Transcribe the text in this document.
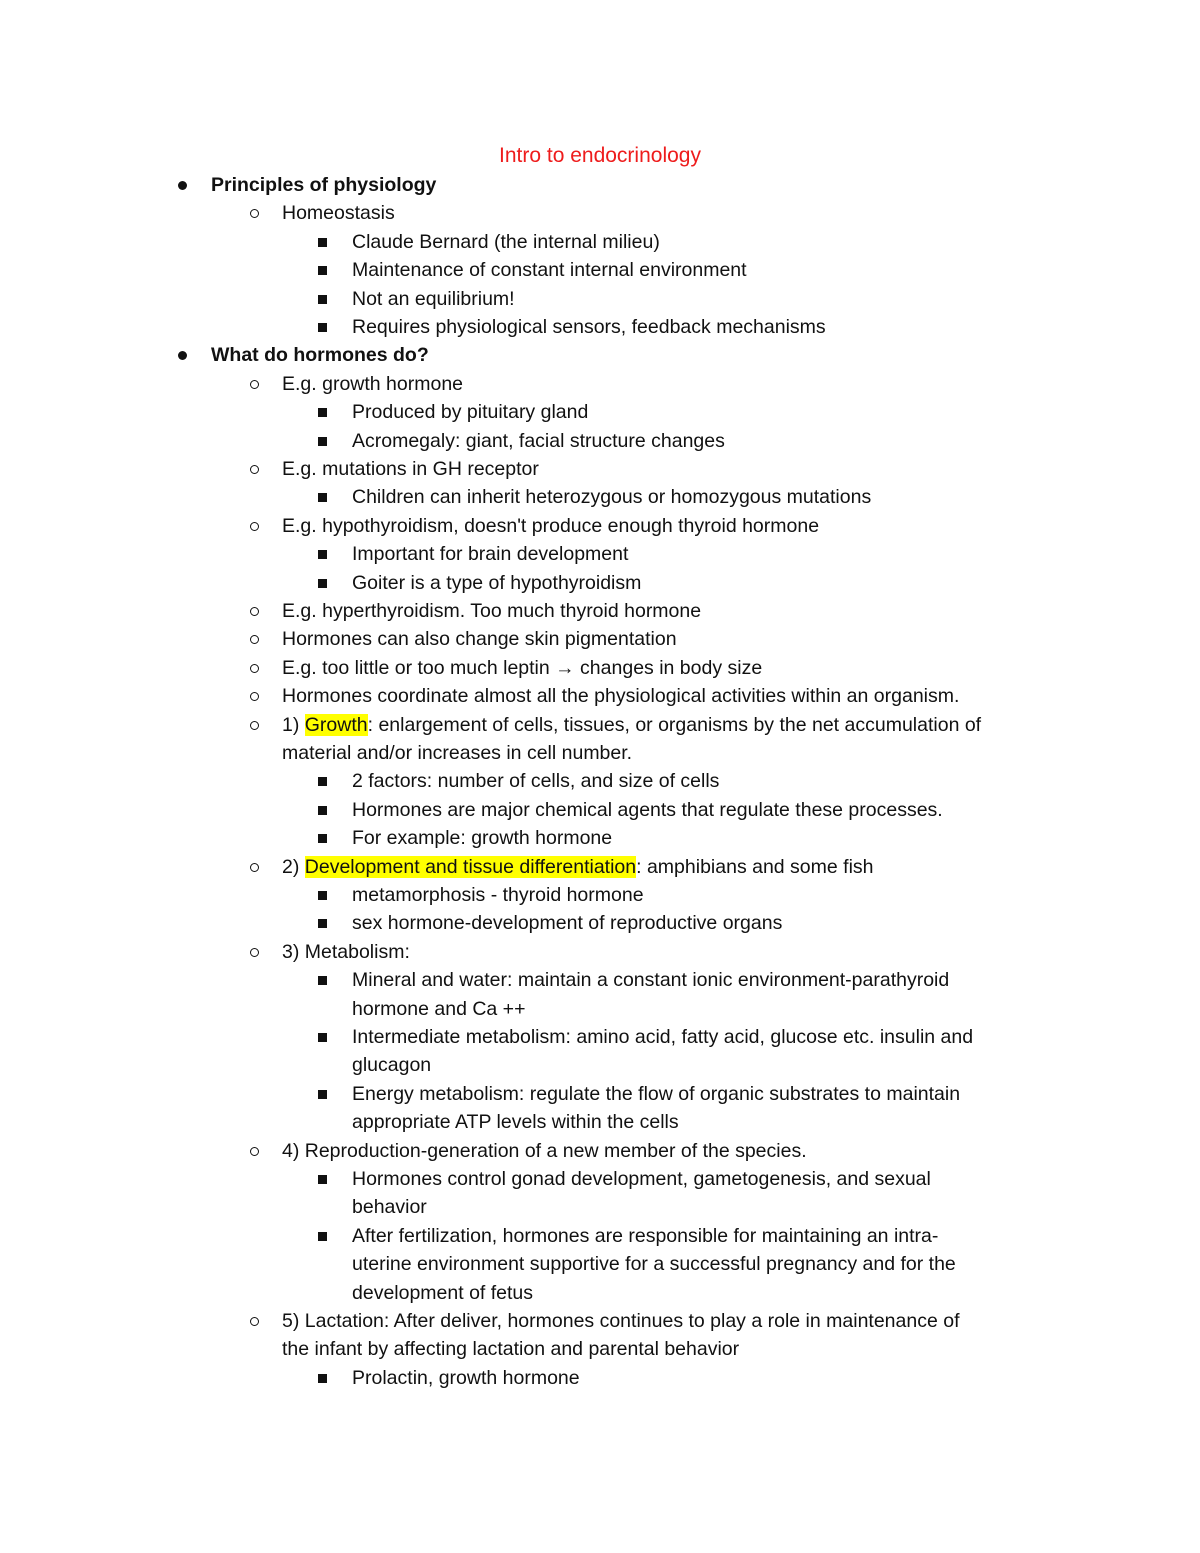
Intro to endocrinology
Principles of physiology
Homeostasis
Claude Bernard (the internal milieu)
Maintenance of constant internal environment
Not an equilibrium!
Requires physiological sensors, feedback mechanisms
What do hormones do?
E.g. growth hormone
Produced by pituitary gland
Acromegaly: giant, facial structure changes
E.g. mutations in GH receptor
Children can inherit heterozygous or homozygous mutations
E.g. hypothyroidism, doesn't produce enough thyroid hormone
Important for brain development
Goiter is a type of hypothyroidism
E.g. hyperthyroidism. Too much thyroid hormone
Hormones can also change skin pigmentation
E.g. too little or too much leptin → changes in body size
Hormones coordinate almost all the physiological activities within an organism.
1) Growth: enlargement of cells, tissues, or organisms by the net accumulation of
material and/or increases in cell number.
2 factors: number of cells, and size of cells
Hormones are major chemical agents that regulate these processes.
For example: growth hormone
2) Development and tissue differentiation: amphibians and some fish
metamorphosis - thyroid hormone
sex hormone-development of reproductive organs
3) Metabolism:
Mineral and water: maintain a constant ionic environment-parathyroid
hormone and Ca ++
Intermediate metabolism: amino acid, fatty acid, glucose etc. insulin and
glucagon
Energy metabolism: regulate the flow of organic substrates to maintain
appropriate ATP levels within the cells
4) Reproduction-generation of a new member of the species.
Hormones control gonad development, gametogenesis, and sexual
behavior
After fertilization, hormones are responsible for maintaining an intra-
uterine environment supportive for a successful pregnancy and for the
development of fetus
5) Lactation: After deliver, hormones continues to play a role in maintenance of
the infant by affecting lactation and parental behavior
Prolactin, growth hormone
